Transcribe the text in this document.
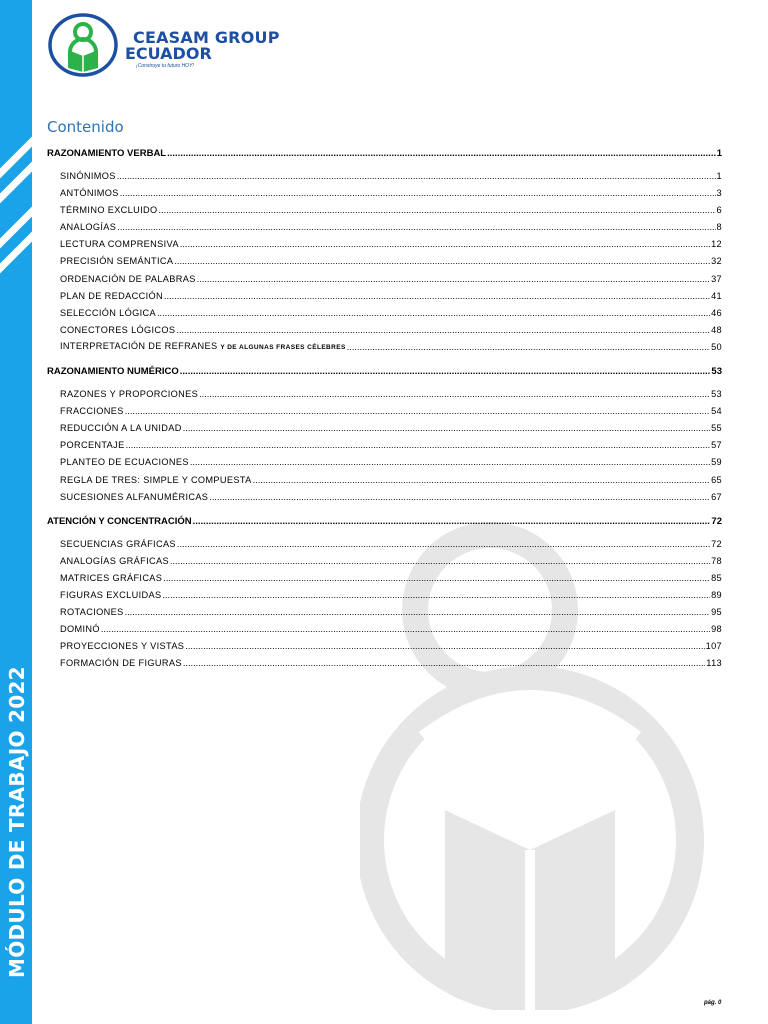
MÓDULO DE TRABAJO 2022
CEASAM GROUP
ECUADOR
¡Construye tu futuro HOY!
Contenido
RAZONAMIENTO VERBAL .....	1
SINÓNIMOS .....	1
ANTÓNIMOS .....	3
TÉRMINO EXCLUIDO .....	6
ANALOGÍAS .....	8
LECTURA COMPRENSIVA .....	12
PRECISIÓN SEMÁNTICA .....	32
ORDENACIÓN DE PALABRAS .....	37
PLAN DE REDACCIÓN .....	41
SELECCIÓN LÓGICA .....	46
CONECTORES LÓGICOS .....	48
INTERPRETACIÓN DE REFRANES Y DE ALGUNAS FRASES CÉLEBRES .....	50
RAZONAMIENTO NUMÉRICO .....	53
RAZONES Y PROPORCIONES .....	53
FRACCIONES .....	54
REDUCCIÓN A LA UNIDAD .....	55
PORCENTAJE .....	57
PLANTEO DE ECUACIONES .....	59
REGLA DE TRES: SIMPLE Y COMPUESTA .....	65
SUCESIONES ALFANUMÉRICAS .....	67
ATENCIÓN Y CONCENTRACIÓN .....	72
SECUENCIAS GRÁFICAS .....	72
ANALOGÍAS GRÁFICAS .....	78
MATRICES GRÁFICAS .....	85
FIGURAS EXCLUIDAS .....	89
ROTACIONES .....	95
DOMINÓ .....	98
PROYECCIONES Y VISTAS .....	107
FORMACIÓN DE FIGURAS .....	113
pág. 0
